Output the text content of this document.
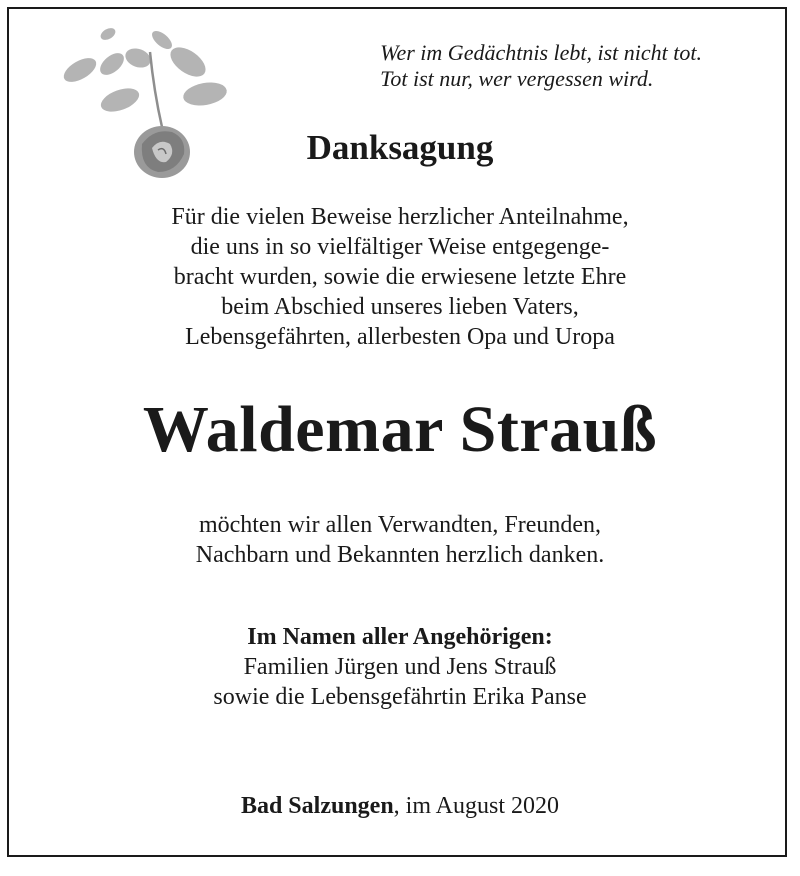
Wer im Gedächtnis lebt, ist nicht tot.
Tot ist nur, wer vergessen wird.
Danksagung
Für die vielen Beweise herzlicher Anteilnahme,
die uns in so vielfältiger Weise entgegenge-
bracht wurden, sowie die erwiesene letzte Ehre
beim Abschied unseres lieben Vaters,
Lebensgefährten, allerbesten Opa und Uropa
Waldemar Strauß
möchten wir allen Verwandten, Freunden,
Nachbarn und Bekannten herzlich danken.
Im Namen aller Angehörigen:
Familien Jürgen und Jens Strauß
sowie die Lebensgefährtin Erika Panse
Bad Salzungen, im August 2020
